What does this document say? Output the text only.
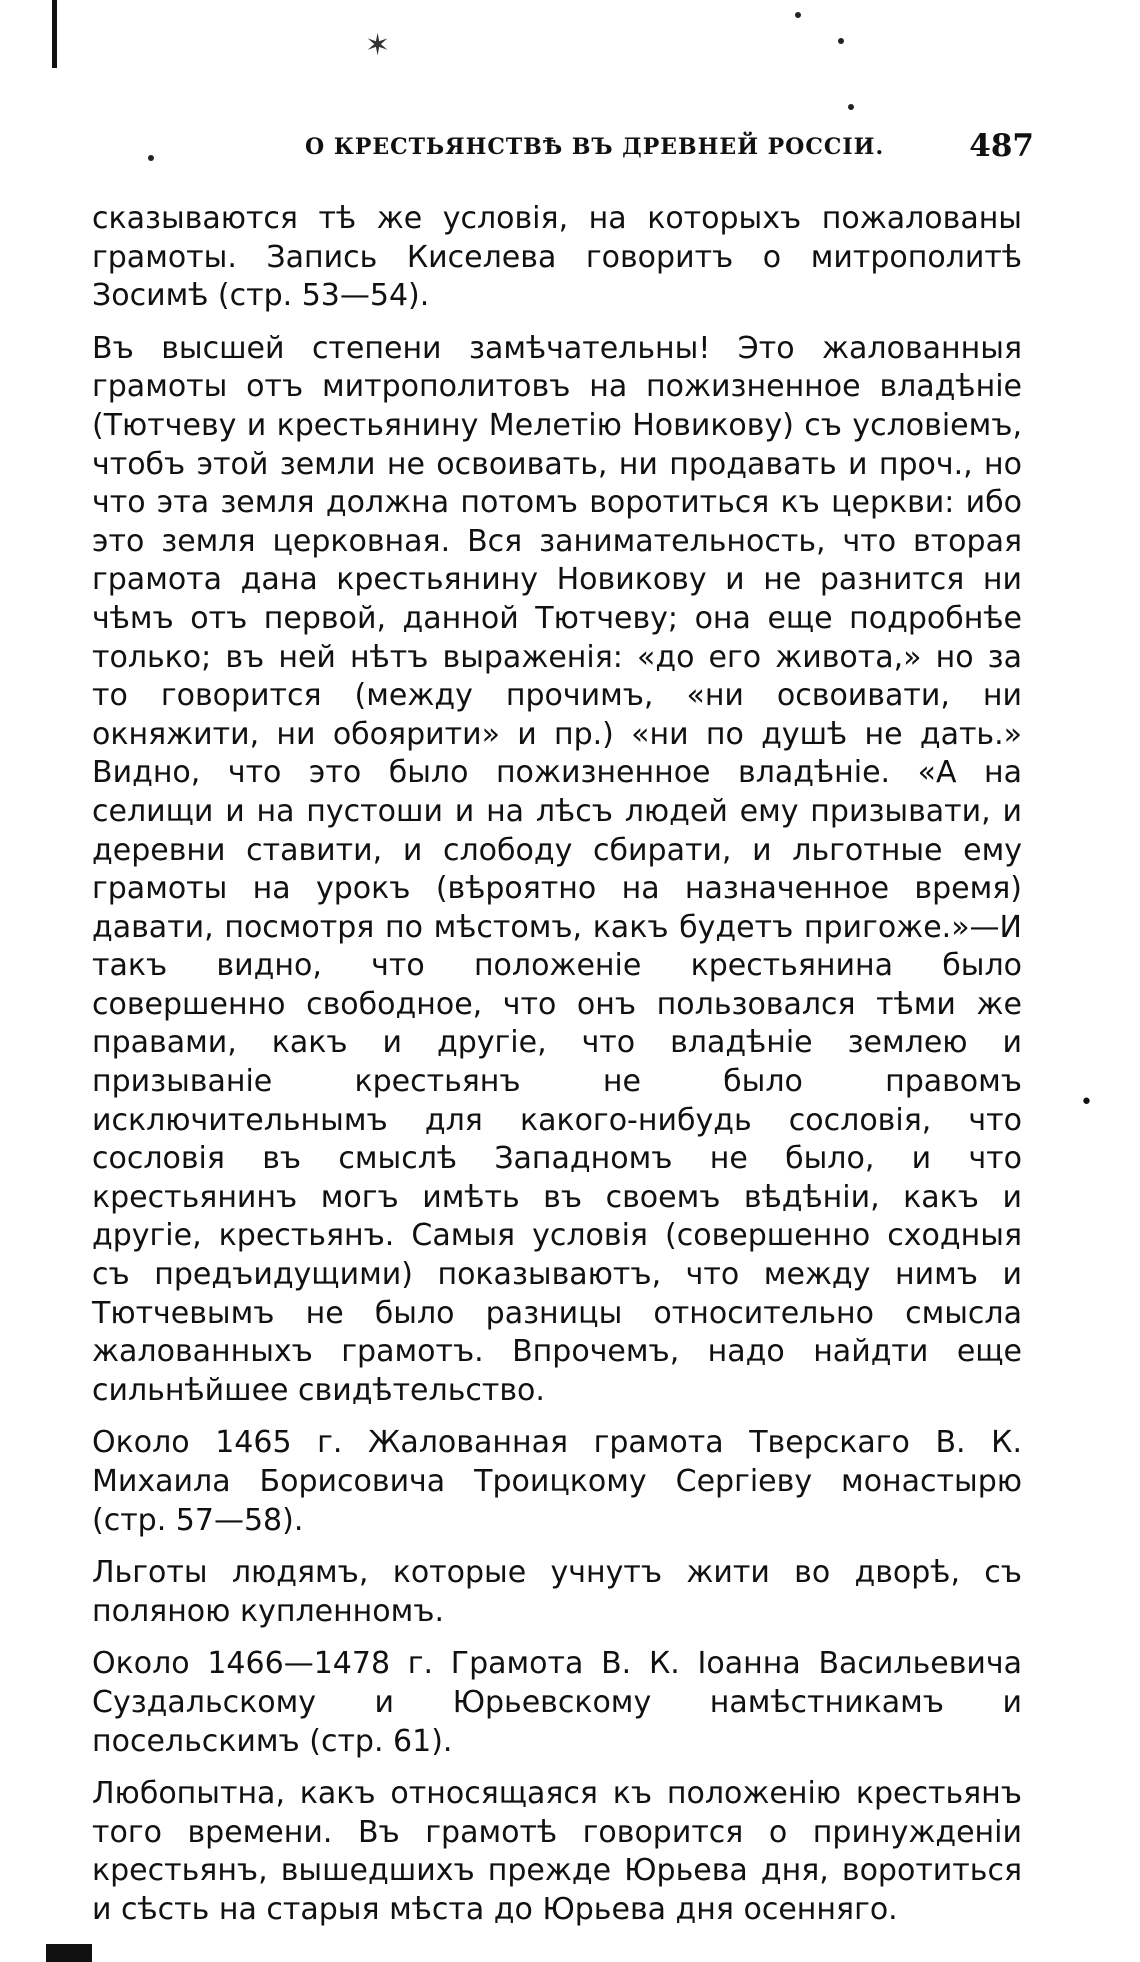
✶
О КРЕСТЬЯНСТВѢ ВЪ ДРЕВНЕЙ РОССІИ.	487

сказываются тѣ же условія, на которыхъ пожалованы грамоты. Запись Киселева говоритъ о митрополитѣ Зосимѣ (стр. 53—54).

Въ высшей степени замѣчательны! Это жалованныя грамоты отъ митрополитовъ на пожизненное владѣніе (Тютчеву и крестьянину Мелетію Новикову) съ условіемъ, чтобъ этой земли не освоивать, ни продавать и проч., но что эта земля должна потомъ воротиться къ церкви: ибо это земля церковная. Вся занимательность, что вторая грамота дана крестьянину Новикову и не разнится ни чѣмъ отъ первой, данной Тютчеву; она еще подробнѣе только; въ ней нѣтъ выраженія: «до его живота,» но за то говорится (между прочимъ, «ни освоивати, ни окняжити, ни обоярити» и пр.) «ни по душѣ не дать.» Видно, что это было пожизненное владѣніе. «А на селищи и на пустоши и на лѣсъ людей ему призывати, и деревни ставити, и слободу сбирати, и льготные ему грамоты на урокъ (вѣроятно на назначенное время) давати, посмотря по мѣстомъ, какъ будетъ пригоже.»—И такъ видно, что положеніе крестьянина было совершенно свободное, что онъ пользовался тѣми же правами, какъ и другіе, что владѣніе землею и призываніе крестьянъ не было правомъ исключительнымъ для какого-нибудь сословія, что сословія въ смыслѣ Западномъ не было, и что крестьянинъ могъ имѣть въ своемъ вѣдѣніи, какъ и другіе, крестьянъ. Самыя условія (совершенно сходныя съ предъидущими) показываютъ, что между нимъ и Тютчевымъ не было разницы относительно смысла жалованныхъ грамотъ. Впрочемъ, надо найдти еще сильнѣйшее свидѣтельство.

Около 1465 г. Жалованная грамота Тверскаго В. К. Михаила Борисовича Троицкому Сергіеву монастырю (стр. 57—58).

Льготы людямъ, которые учнутъ жити во дворѣ, съ поляною купленномъ.

Около 1466—1478 г. Грамота В. К. Іоанна Васильевича Суздальскому и Юрьевскому намѣстникамъ и посельскимъ (стр. 61).

Любопытна, какъ относящаяся къ положенію крестьянъ того времени. Въ грамотѣ говорится о принужденіи крестьянъ, вышедшихъ прежде Юрьева дня, воротиться и сѣсть на старыя мѣста до Юрьева дня осенняго.

•
